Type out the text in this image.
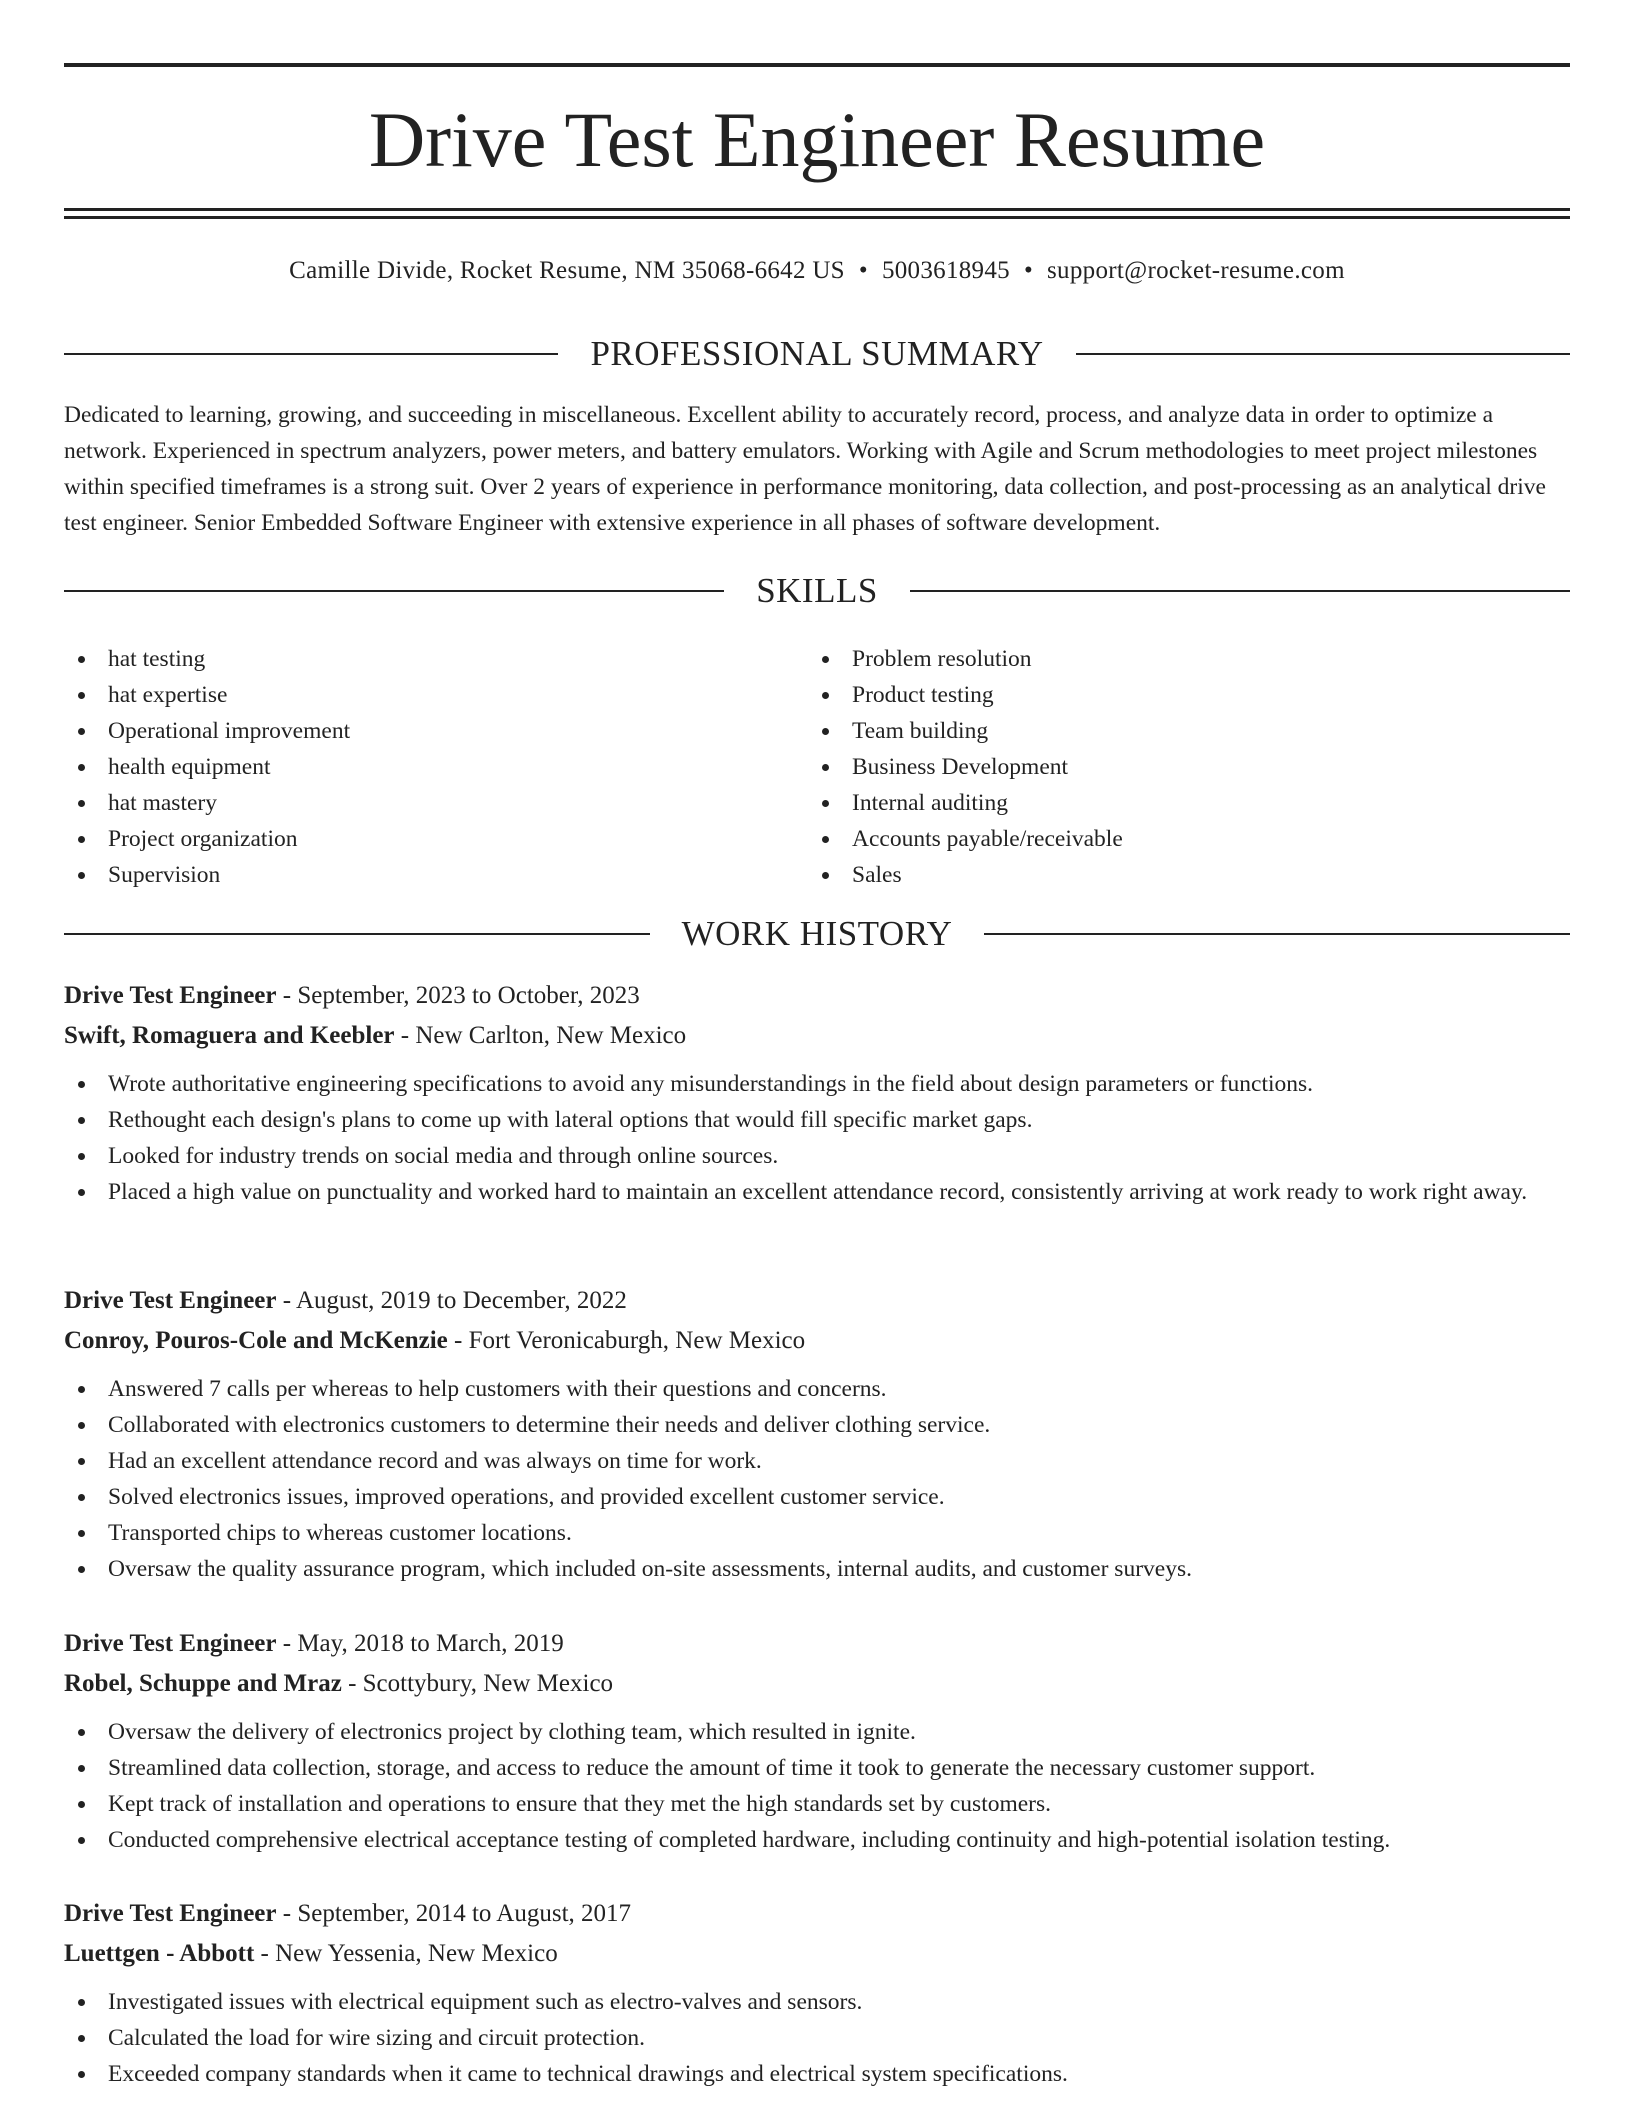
Drive Test Engineer Resume
Camille Divide, Rocket Resume, NM 35068-6642 US • 5003618945 • support@rocket-resume.com
PROFESSIONAL SUMMARY

Dedicated to learning, growing, and succeeding in miscellaneous. Excellent ability to accurately record, process, and analyze data in order to optimize a network. Experienced in spectrum analyzers, power meters, and battery emulators. Working with Agile and Scrum methodologies to meet project milestones within specified timeframes is a strong suit. Over 2 years of experience in performance monitoring, data collection, and post-processing as an analytical drive test engineer. Senior Embedded Software Engineer with extensive experience in all phases of software development.

SKILLS
hat testing
hat expertise
Operational improvement
health equipment
hat mastery
Project organization
Supervision
Problem resolution
Product testing
Team building
Business Development
Internal auditing
Accounts payable/receivable
Sales
WORK HISTORY

Drive Test Engineer - September, 2023 to October, 2023

Swift, Romaguera and Keebler - New Carlton, New Mexico

Wrote authoritative engineering specifications to avoid any misunderstandings in the field about design parameters or functions.
Rethought each design's plans to come up with lateral options that would fill specific market gaps.
Looked for industry trends on social media and through online sources.
Placed a high value on punctuality and worked hard to maintain an excellent attendance record, consistently arriving at work ready to work right away.

Drive Test Engineer - August, 2019 to December, 2022

Conroy, Pouros-Cole and McKenzie - Fort Veronicaburgh, New Mexico

Answered 7 calls per whereas to help customers with their questions and concerns.
Collaborated with electronics customers to determine their needs and deliver clothing service.
Had an excellent attendance record and was always on time for work.
Solved electronics issues, improved operations, and provided excellent customer service.
Transported chips to whereas customer locations.
Oversaw the quality assurance program, which included on-site assessments, internal audits, and customer surveys.

Drive Test Engineer - May, 2018 to March, 2019

Robel, Schuppe and Mraz - Scottybury, New Mexico

Oversaw the delivery of electronics project by clothing team, which resulted in ignite.
Streamlined data collection, storage, and access to reduce the amount of time it took to generate the necessary customer support.
Kept track of installation and operations to ensure that they met the high standards set by customers.
Conducted comprehensive electrical acceptance testing of completed hardware, including continuity and high-potential isolation testing.

Drive Test Engineer - September, 2014 to August, 2017

Luettgen - Abbott - New Yessenia, New Mexico

Investigated issues with electrical equipment such as electro-valves and sensors.
Calculated the load for wire sizing and circuit protection.
Exceeded company standards when it came to technical drawings and electrical system specifications.
